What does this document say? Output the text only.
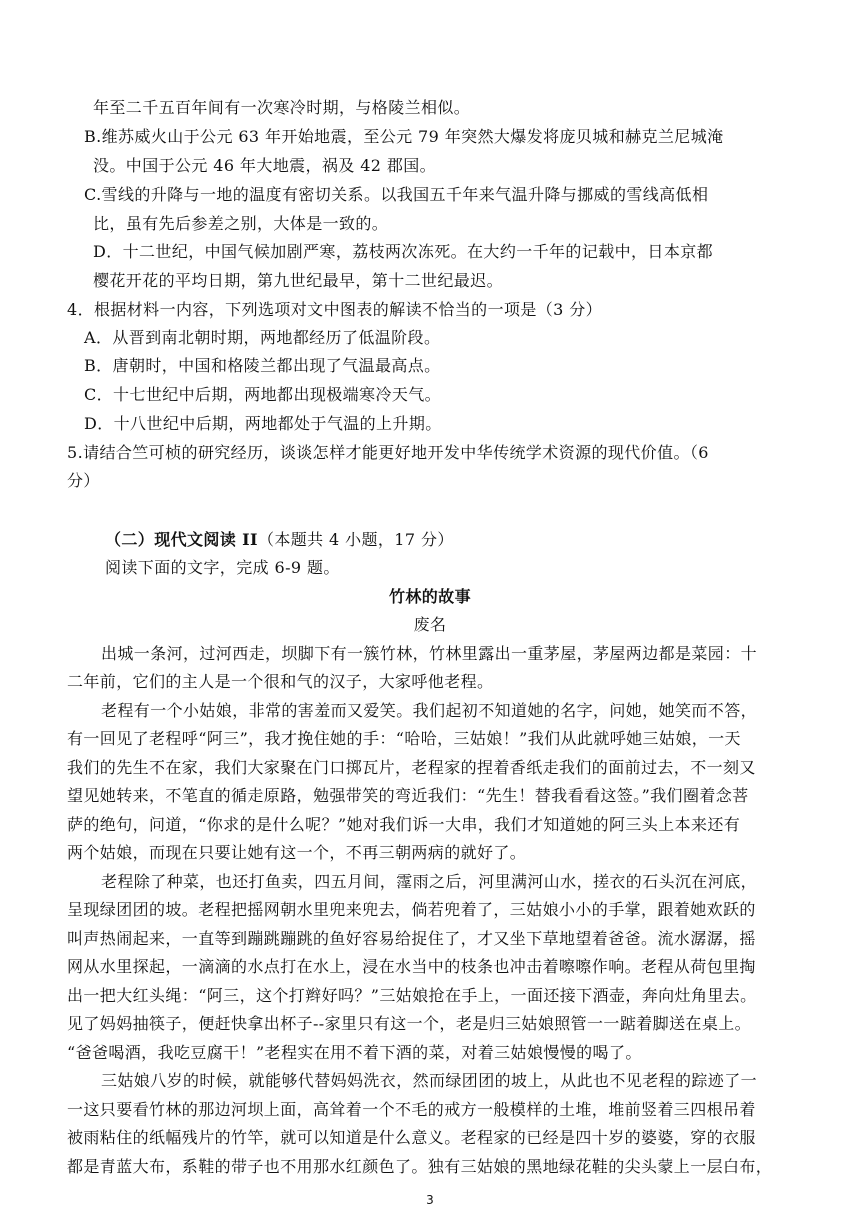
年至二千五百年间有一次寒冷时期，与格陵兰相似。
B.维苏威火山于公元 63 年开始地震，至公元 79 年突然大爆发将庞贝城和赫克兰尼城淹
没。中国于公元 46 年大地震，祸及 42 郡国。
C.雪线的升降与一地的温度有密切关系。以我国五千年来气温升降与挪威的雪线高低相
比，虽有先后参差之别，大体是一致的。
D．十二世纪，中国气候加剧严寒，荔枝两次冻死。在大约一千年的记载中，日本京都
樱花开花的平均日期，第九世纪最早，第十二世纪最迟。
4．根据材料一内容，下列选项对文中图表的解读不恰当的一项是（3 分）
A．从晋到南北朝时期，两地都经历了低温阶段。
B．唐朝时，中国和格陵兰都出现了气温最高点。
C．十七世纪中后期，两地都出现极端寒冷天气。
D．十八世纪中后期，两地都处于气温的上升期。
5.请结合竺可桢的研究经历，谈谈怎样才能更好地开发中华传统学术资源的现代价值。（6
分）
（二）现代文阅读 II（本题共 4 小题，17 分）
阅读下面的文字，完成 6-9 题。
竹林的故事
废名
出城一条河，过河西走，坝脚下有一簇竹林，竹林里露出一重茅屋，茅屋两边都是菜园：十
二年前，它们的主人是一个很和气的汉子，大家呼他老程。
老程有一个小姑娘，非常的害羞而又爱笑。我们起初不知道她的名字，问她，她笑而不答，
有一回见了老程呼“阿三”，我才挽住她的手：“哈哈，三姑娘！”我们从此就呼她三姑娘，一天
我们的先生不在家，我们大家聚在门口掷瓦片，老程家的捏着香纸走我们的面前过去，不一刻又
望见她转来，不笔直的循走原路，勉强带笑的弯近我们：“先生！替我看看这签。”我们圈着念菩
萨的绝句，问道，“你求的是什么呢？”她对我们诉一大串，我们才知道她的阿三头上本来还有
两个姑娘，而现在只要让她有这一个，不再三朝两病的就好了。
老程除了种菜，也还打鱼卖，四五月间，霪雨之后，河里满河山水，搓衣的石头沉在河底，
呈现绿团团的坡。老程把摇网朝水里兜来兜去，倘若兜着了，三姑娘小小的手掌，跟着她欢跃的
叫声热闹起来，一直等到蹦跳蹦跳的鱼好容易给捉住了，才又坐下草地望着爸爸。流水潺潺，摇
网从水里探起，一滴滴的水点打在水上，浸在水当中的枝条也冲击着嚓嚓作响。老程从荷包里掏
出一把大红头绳：“阿三，这个打辫好吗？”三姑娘抢在手上，一面还接下酒壶，奔向灶角里去。
见了妈妈抽筷子，便赶快拿出杯子--家里只有这一个，老是归三姑娘照管一一踮着脚送在桌上。
“爸爸喝酒，我吃豆腐干！”老程实在用不着下酒的菜，对着三姑娘慢慢的喝了。
三姑娘八岁的时候，就能够代替妈妈洗衣，然而绿团团的坡上，从此也不见老程的踪迹了一
一这只要看竹林的那边河坝上面，高耸着一个不毛的戒方一般模样的土堆，堆前竖着三四根吊着
被雨粘住的纸幅残片的竹竿，就可以知道是什么意义。老程家的已经是四十岁的婆婆，穿的衣服
都是青蓝大布，系鞋的带子也不用那水红颜色了。独有三姑娘的黑地绿花鞋的尖头蒙上一层白布，
3
